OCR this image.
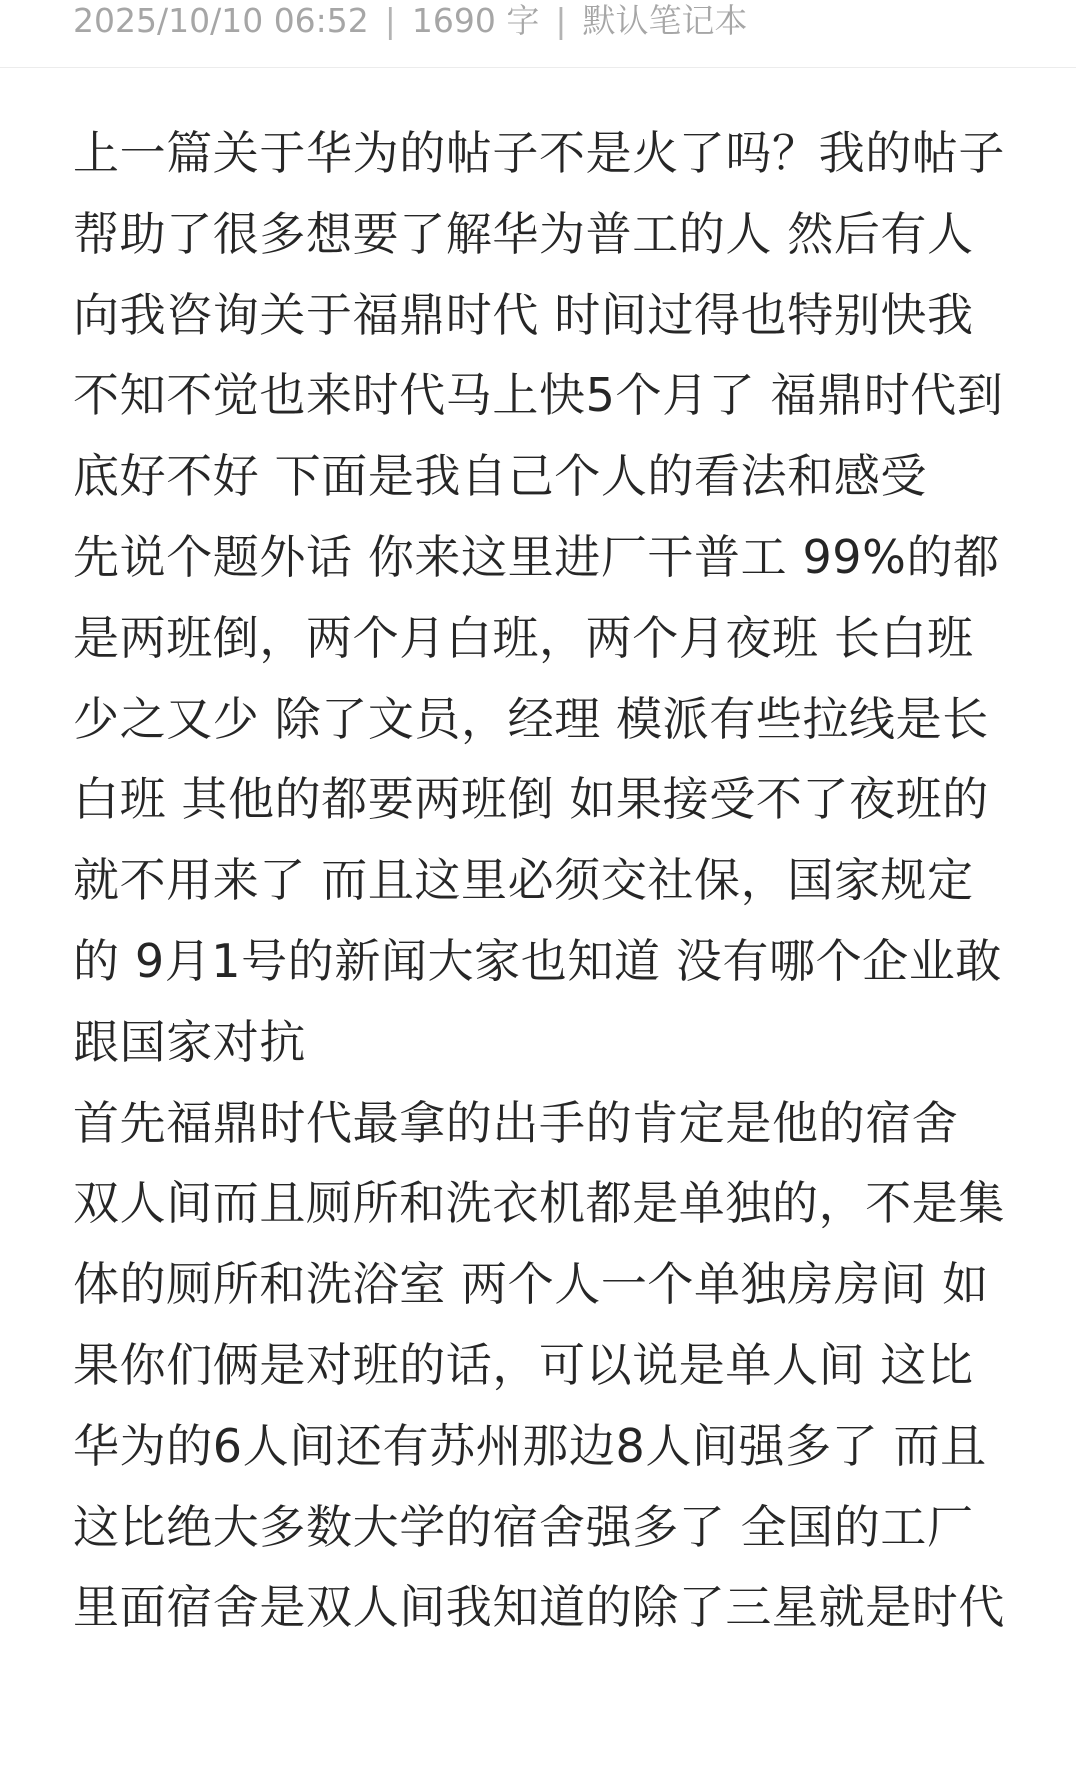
2025/10/10 06:52 | 1690 字 | 默认笔记本

上一篇关于华为的帖子不是火了吗？我的帖子帮助了很多想要了解华为普工的人 然后有人向我咨询关于福鼎时代 时间过得也特别快我不知不觉也来时代马上快5个月了 福鼎时代到底好不好 下面是我自己个人的看法和感受

先说个题外话 你来这里进厂干普工 99%的都是两班倒，两个月白班，两个月夜班 长白班少之又少 除了文员，经理 模派有些拉线是长白班 其他的都要两班倒 如果接受不了夜班的就不用来了 而且这里必须交社保，国家规定的 9月1号的新闻大家也知道 没有哪个企业敢跟国家对抗

首先福鼎时代最拿的出手的肯定是他的宿舍 双人间而且厕所和洗衣机都是单独的，不是集体的厕所和洗浴室 两个人一个单独房房间 如果你们俩是对班的话，可以说是单人间 这比华为的6人间还有苏州那边8人间强多了 而且这比绝大多数大学的宿舍强多了 全国的工厂里面宿舍是双人间我知道的除了三星就是时代
